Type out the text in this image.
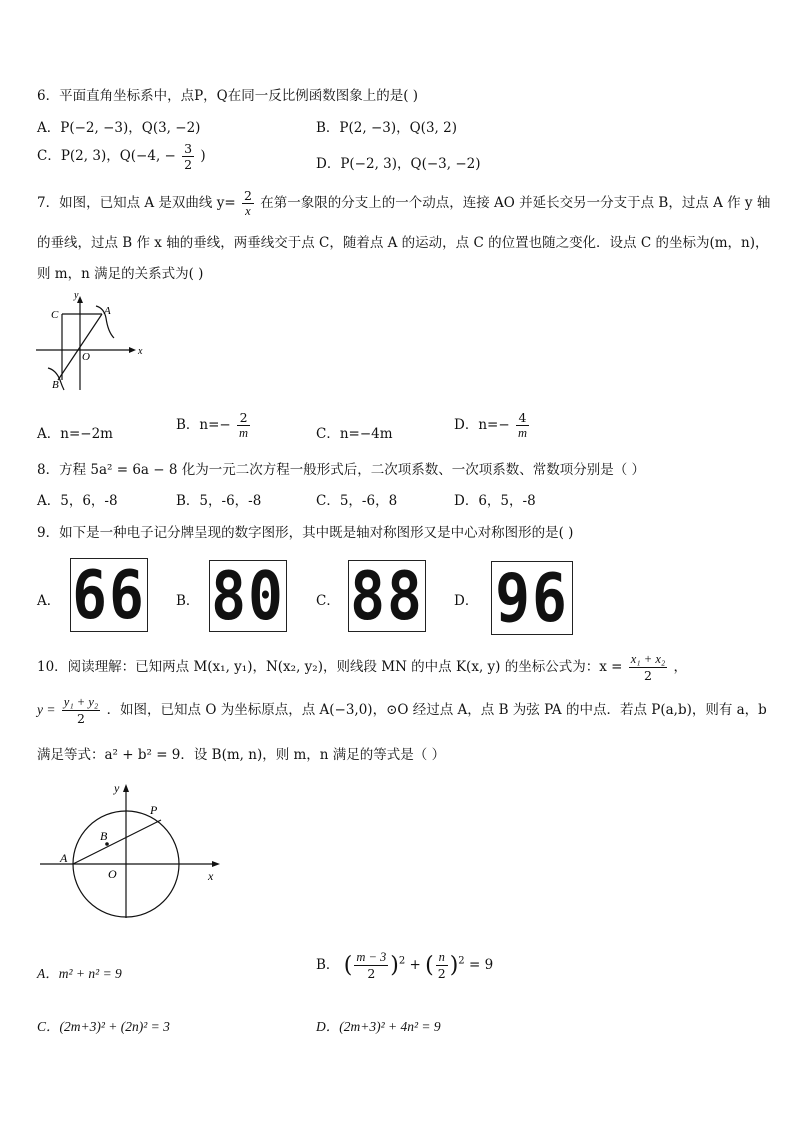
6．平面直角坐标系中，点P，Q在同一反比例函数图象上的是( )
A．P(−2, −3)，Q(3, −2)	B．P(2, −3)，Q(3, 2)
C．P(2, 3)，Q(−4, − $\frac{3}{2}$ )	D．P(−2, 3)，Q(−3, −2)
7．如图，已知点 A 是双曲线 $y= \frac{2}{x}$ 在第一象限的分支上的一个动点，连接 AO 并延长交另一分支于点 B，过点 A 作 y 轴
的垂线，过点 B 作 x 轴的垂线，两垂线交于点 C，随着点 A 的运动，点 C 的位置也随之变化．设点 C 的坐标为(m，n)，
则 m，n 满足的关系式为( )
y
x
C	A
O
B
A．n=−2m
B．$n=- \frac{2}{m}$	C．n=−4m
D．$n=- \frac{4}{m}$
8．方程 5a² = 6a − 8 化为一元二次方程一般形式后，二次项系数、一次项系数、常数项分别是（ ）
A．5，6，-8	B．5，-6，-8	C．5，-6，8	D．6，5，-8
9．如下是一种电子记分牌呈现的数字图形，其中既是轴对称图形又是中心对称图形的是( )
A． 66 B． 80 C． 88 D． 96
10．阅读理解：已知两点 M(x₁, y₁)，N(x₂, y₂)，则线段 MN 的中点 K(x, y) 的坐标公式为：$x = \frac{\text{x₁ + x₂}}{2}$ ，
$y = \frac{\text{y₁ + y₂}}{2}$ ．如图，已知点 O 为坐标原点，点 A(−3,0)，⊙O 经过点 A，点 B 为弦 PA 的中点．若点 P(a,b)，则有 a，b
满足等式：a² + b² = 9．设 B(m, n)，则 m，n 满足的等式是（ ）
y
P
B
A
O	x
A．m² + n² = 9
B． ( $\frac{m - 3}{2} )^2$ + ( $\frac{n}{2} )^2 = 9$
C．(2m+3)² + (2n)² = 3	D．(2m+3)² + 4n² = 9
